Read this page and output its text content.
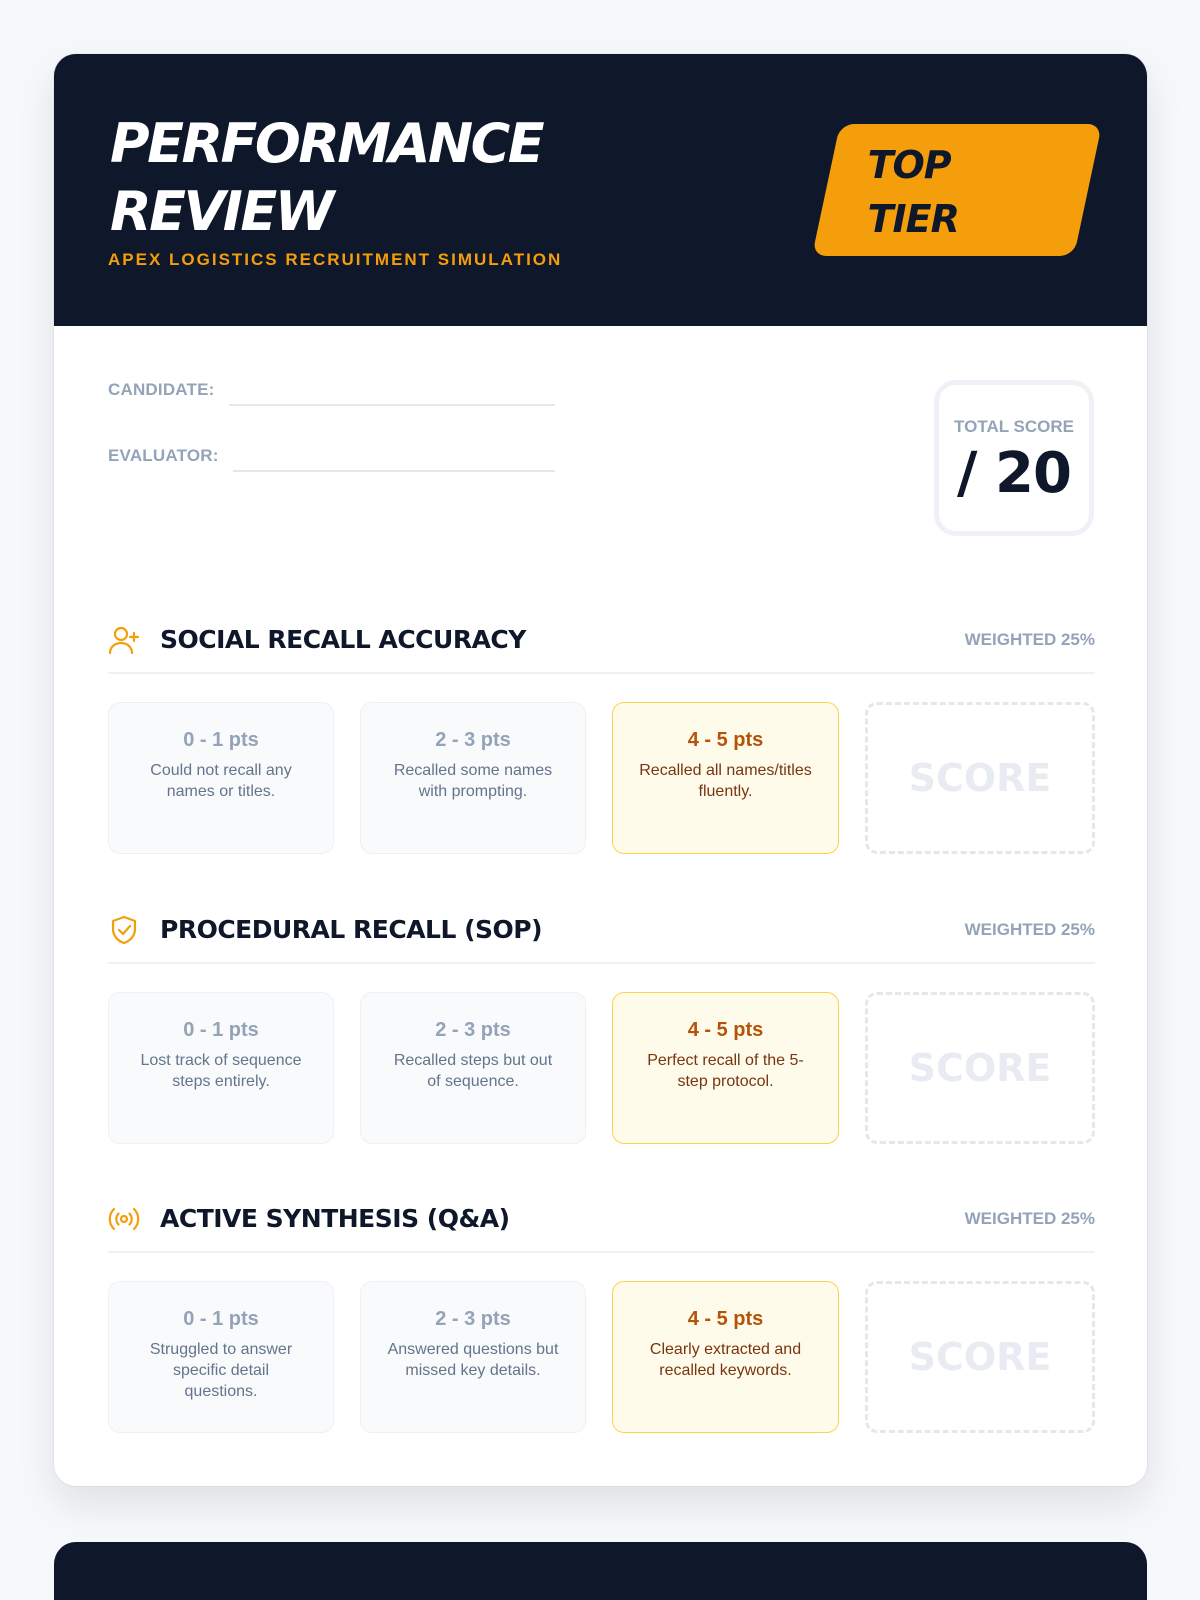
PERFORMANCE REVIEW
APEX LOGISTICS RECRUITMENT SIMULATION
TOP TIER
CANDIDATE:
EVALUATOR:
TOTAL SCORE
/ 20
SOCIAL RECALL ACCURACY	WEIGHTED 25%
0 - 1 pts
Could not recall any names or titles.
2 - 3 pts
Recalled some names with prompting.
4 - 5 pts
Recalled all names/titles fluently.	SCORE
PROCEDURAL RECALL (SOP)	WEIGHTED 25%
0 - 1 pts
Lost track of sequence steps entirely.
2 - 3 pts
Recalled steps but out of sequence.
4 - 5 pts
Perfect recall of the 5-step protocol.	SCORE
ACTIVE SYNTHESIS (Q&A)	WEIGHTED 25%
0 - 1 pts
Struggled to answer specific detail questions.
2 - 3 pts
Answered questions but missed key details.
4 - 5 pts
Clearly extracted and recalled keywords.	SCORE
